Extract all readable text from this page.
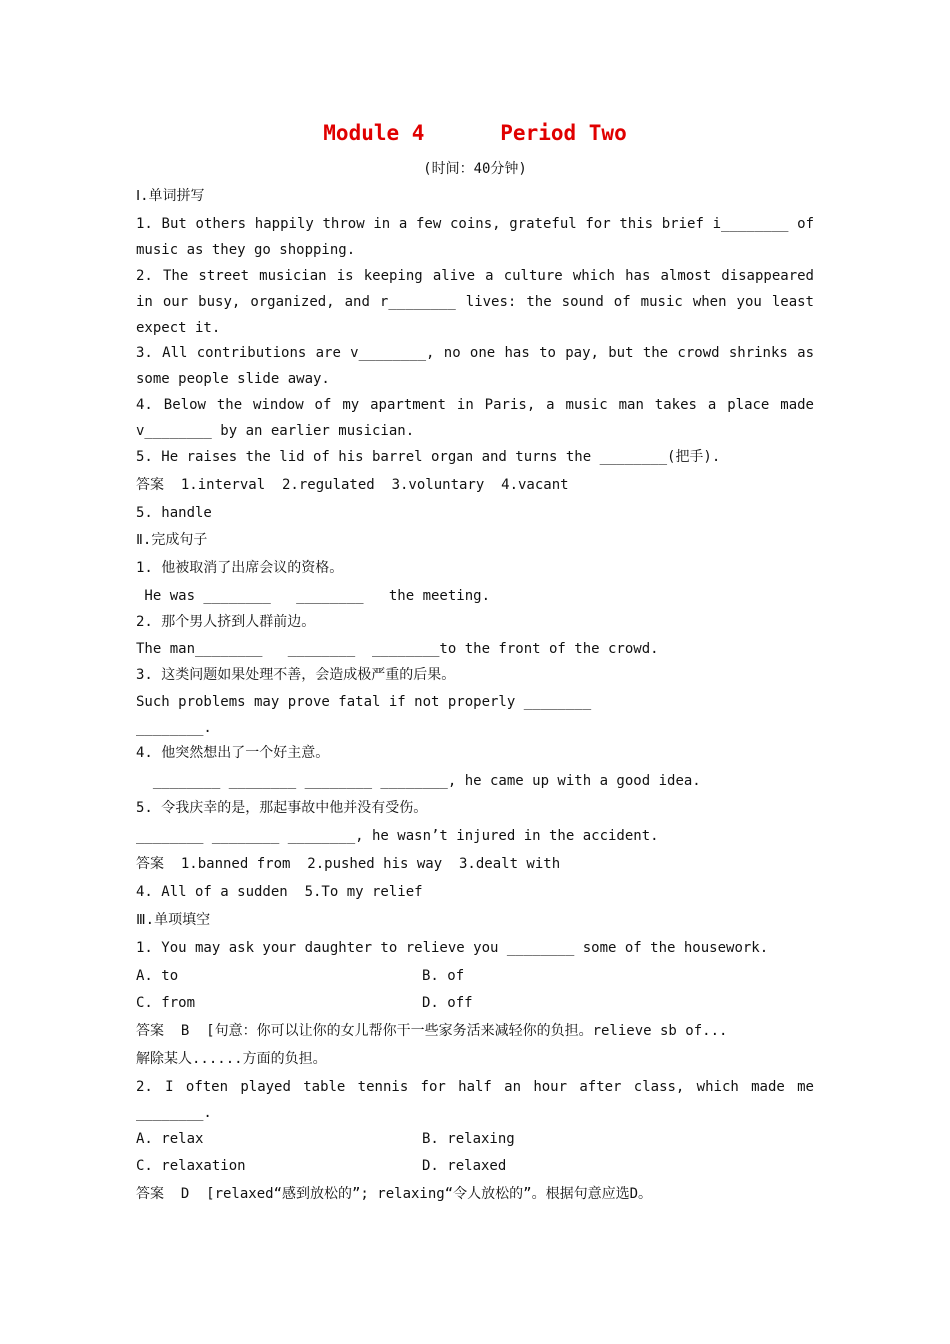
Module 4      Period Two
(时间：40分钟)
Ⅰ.单词拼写
1. But others happily throw in a few coins, grateful for this brief i________ of
music as they go shopping.
2. The street musician is keeping alive a culture which has almost disappeared
in our busy, organized, and r________ lives: the sound of music when you least
expect it.
3. All contributions are v________, no one has to pay, but the crowd shrinks as
some people slide away.
4. Below the window of my apartment in Paris, a music man takes a place made
v________ by an earlier musician.
5. He raises the lid of his barrel organ and turns the ________(把手).
答案  1.interval  2.regulated  3.voluntary  4.vacant
5. handle
Ⅱ.完成句子
1. 他被取消了出席会议的资格。
He was ________   ________   the meeting.
2. 那个男人挤到人群前边。
The man________   ________  ________to the front of the crowd.
3. 这类问题如果处理不善，会造成极严重的后果。
Such problems may prove fatal if not properly ________
________.
4. 他突然想出了一个好主意。
________ ________ ________ ________, he came up with a good idea.
5. 令我庆幸的是，那起事故中他并没有受伤。
________ ________ ________, he wasn’t injured in the accident.
答案  1.banned from  2.pushed his way  3.dealt with
4. All of a sudden  5.To my relief
Ⅲ.单项填空
1. You may ask your daughter to relieve you ________ some of the housework.
答案  B  [句意：你可以让你的女儿帮你干一些家务活来减轻你的负担。relieve sb of...
解除某人......方面的负担。
2. I often played table tennis for half an hour after class, which made me
________.
答案  D  [relaxed“感到放松的”; relaxing“令人放松的”。根据句意应选D。
A. to	B. of
C. from	D. off
A. relax	B. relaxing
C. relaxation	D. relaxed
